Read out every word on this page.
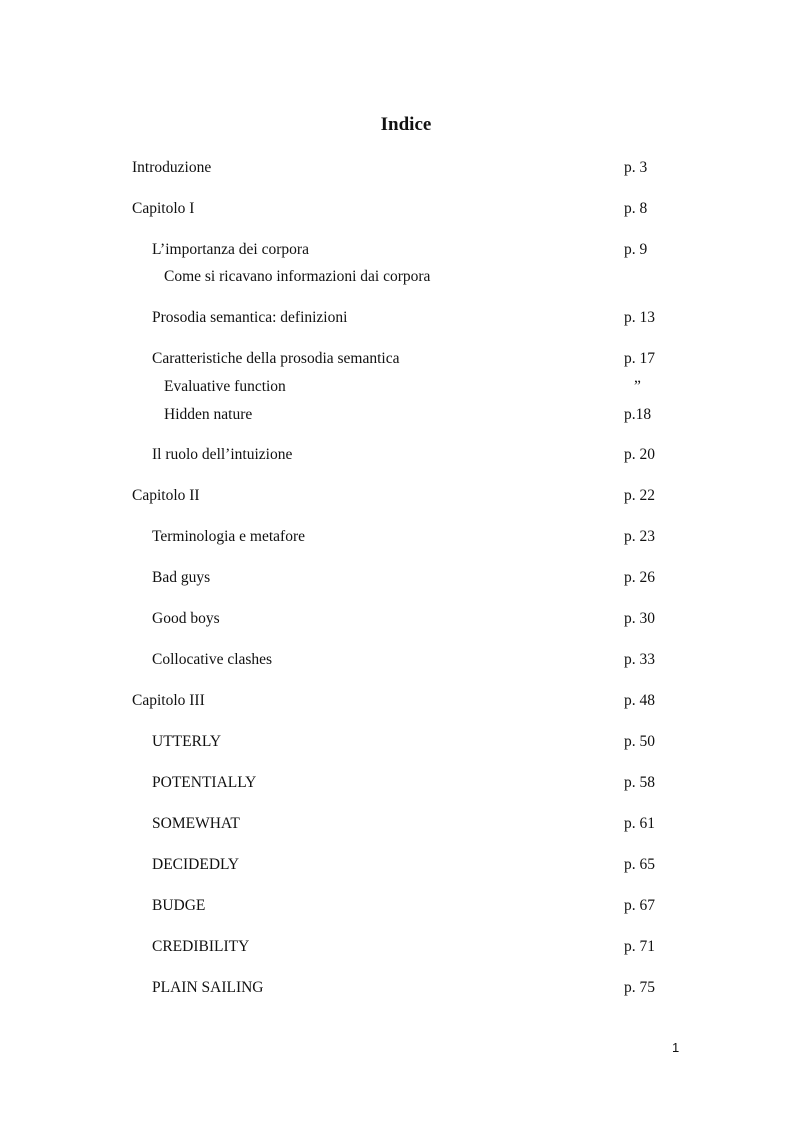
Indice
Introduzione	p. 3
Capitolo I	p. 8
L’importanza dei corpora	p. 9
Come si ricavano informazioni dai corpora
Prosodia semantica: definizioni	p. 13
Caratteristiche della prosodia semantica	p. 17
Evaluative function	”
Hidden nature	p.18
Il ruolo dell’intuizione	p. 20
Capitolo II	p. 22
Terminologia e metafore	p. 23
Bad guys	p. 26
Good boys	p. 30
Collocative clashes	p. 33
Capitolo III	p. 48
UTTERLY	p. 50
POTENTIALLY	p. 58
SOMEWHAT	p. 61
DECIDEDLY	p. 65
BUDGE	p. 67
CREDIBILITY	p. 71
PLAIN SAILING	p. 75
1
